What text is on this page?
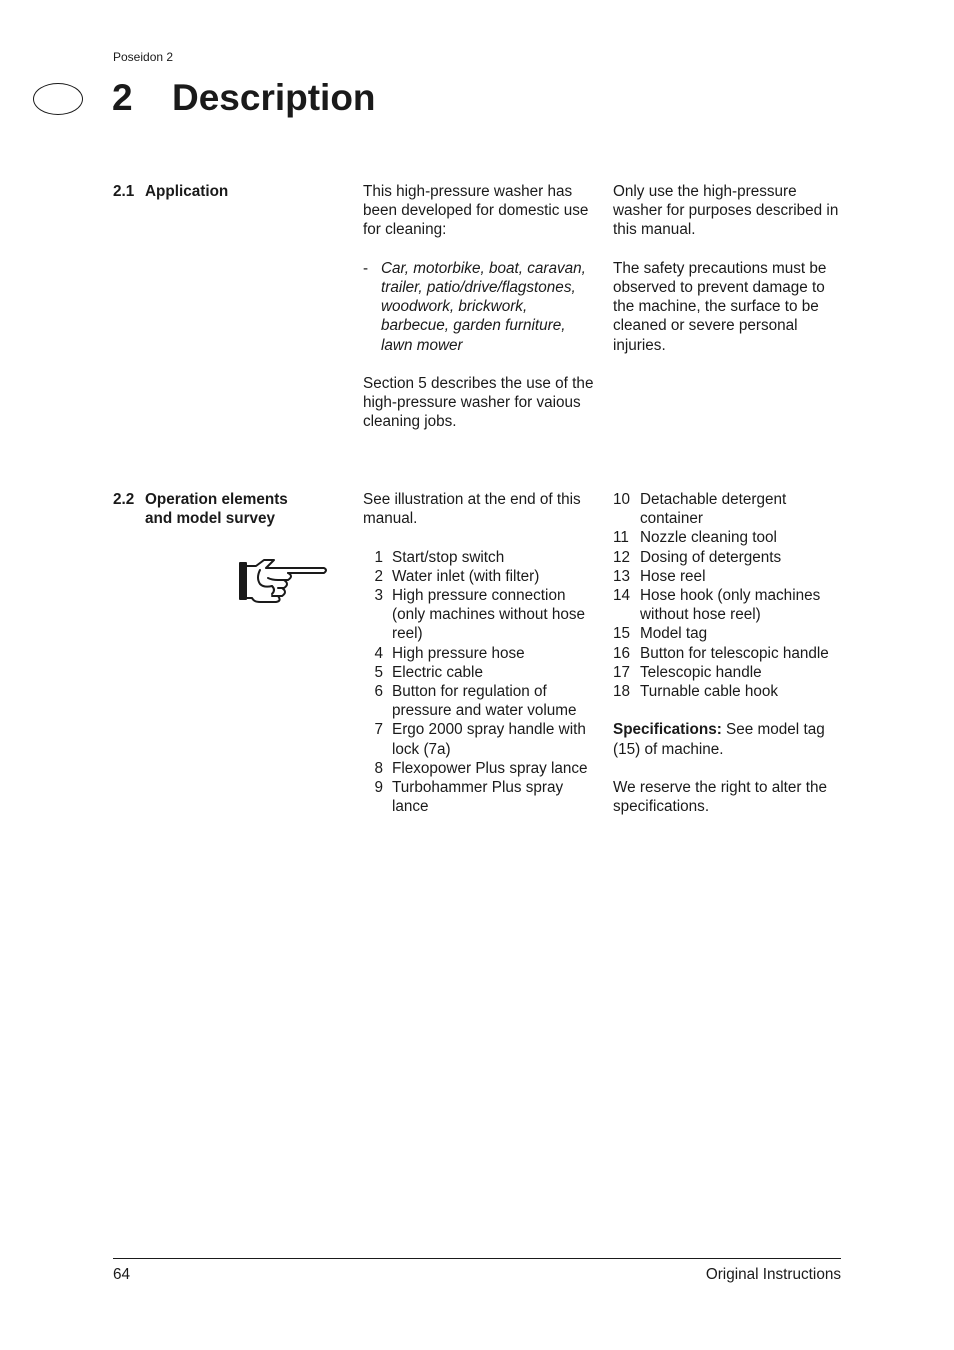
Poseidon 2
2 Description
2.1 Application	This high-pressure washer has been developed for domestic use for cleaning:
- Car, motorbike, boat, caravan, trailer, patio/drive/flagstones, woodwork, brickwork, barbecue, garden furniture, lawn mower
Section 5 describes the use of the high-pressure washer for vaious cleaning jobs.
Only use the high-pressure washer for purposes described in this manual.
The safety precautions must be observed to prevent damage to the machine, the surface to be cleaned or severe personal injuries.
2.2 Operation elements
and model survey
See illustration at the end of this manual.
1 Start/stop switch
2 Water inlet (with filter)
3 High pressure connection (only machines without hose reel)
4 High pressure hose
5 Electric cable
6 Button for regulation of pressure and water volume
7 Ergo 2000 spray handle with lock (7a)
8 Flexopower Plus spray lance
9 Turbohammer Plus spray lance
10 Detachable detergent container
11 Nozzle cleaning tool
12 Dosing of detergents
13 Hose reel
14 Hose hook (only machines without hose reel)
15 Model tag
16 Button for telescopic handle
17 Telescopic handle
18 Turnable cable hook
Specifications: See model tag (15) of machine.
We reserve the right to alter the specifications.
64	Original Instructions
